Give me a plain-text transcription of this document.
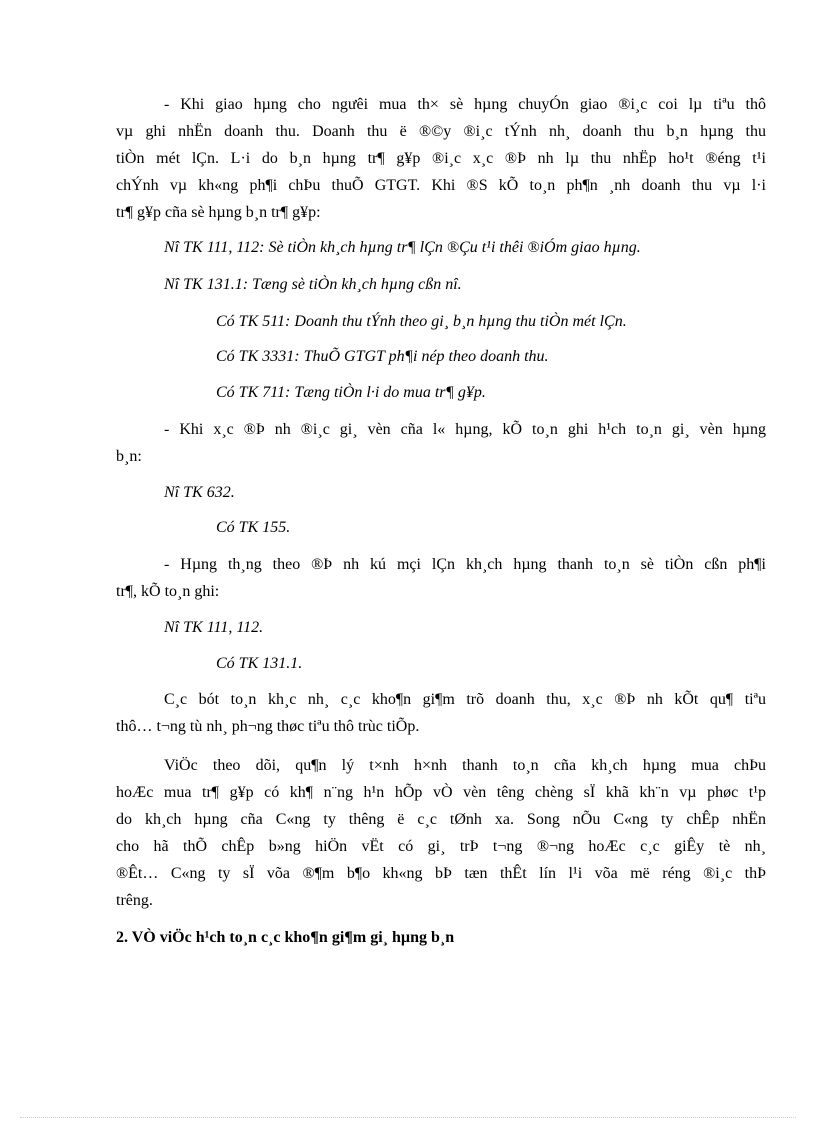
- Khi giao hµng cho ngưêi mua th× sè hµng chuyÓn giao ®i¸c coi lµ tiªu thô
vµ ghi nhËn doanh thu. Doanh thu ë ®©y ®i¸c tÝnh nh¸ doanh thu b¸n hµng thu
tiÒn mét lÇn. L·i do b¸n hµng tr¶ g¥p ®i¸c x¸c ®Þ nh lµ thu nhËp ho¹t ®éng t¹i
chÝnh vµ kh«ng ph¶i chÞu thuÕ GTGT. Khi ®S kÕ to¸n ph¶n ¸nh doanh thu vµ l·i
tr¶ g¥p cña sè hµng b¸n tr¶ g¥p:
Nî TK 111, 112: Sè tiÒn kh¸ch hµng tr¶ lÇn ®Çu t¹i thêi ®iÓm giao hµng.
Nî TK 131.1: Tæng sè tiÒn kh¸ch hµng cßn nî.
Có TK 511: Doanh thu tÝnh theo gi¸ b¸n hµng thu tiÒn mét lÇn.
Có TK 3331: ThuÕ GTGT ph¶i nép theo doanh thu.
Có TK 711: Tæng tiÒn l·i do mua tr¶ g¥p.
- Khi x¸c ®Þ nh ®i¸c gi¸ vèn cña l« hµng, kÕ to¸n ghi h¹ch to¸n gi¸ vèn hµng
b¸n:
Nî TK 632.
Có TK 155.
- Hµng th¸ng theo ®Þ nh kú mçi lÇn kh¸ch hµng thanh to¸n sè tiÒn cßn ph¶i
tr¶, kÕ to¸n ghi:
Nî TK 111, 112.
Có TK 131.1.
C¸c bót to¸n kh¸c nh¸ c¸c kho¶n gi¶m trõ doanh thu, x¸c ®Þ nh kÕt qu¶ tiªu
thô… t¬ng tù nh¸ ph¬ng thøc tiªu thô trùc tiÕp.
ViÖc theo dõi, qu¶n lý t×nh h×nh thanh to¸n cña kh¸ch hµng mua chÞu
hoÆc mua tr¶ g¥p có kh¶ n¨ng h¹n hÕp vÒ vèn têng chèng sÏ khã kh¨n vµ phøc t¹p
do kh¸ch hµng cña C«ng ty thêng ë c¸c tØnh xa. Song nÕu C«ng ty chÊp nhËn
cho hã thÕ chÊp b»ng hiÖn vËt có gi¸ trÞ t¬ng ®¬ng hoÆc c¸c giÊy tè nh¸
®Êt… C«ng ty sÏ võa ®¶m b¶o kh«ng bÞ tæn thÊt lín l¹i võa më réng ®i¸c thÞ
trêng.
2. VÒ viÖc h¹ch to¸n c¸c kho¶n gi¶m gi¸ hµng b¸n
